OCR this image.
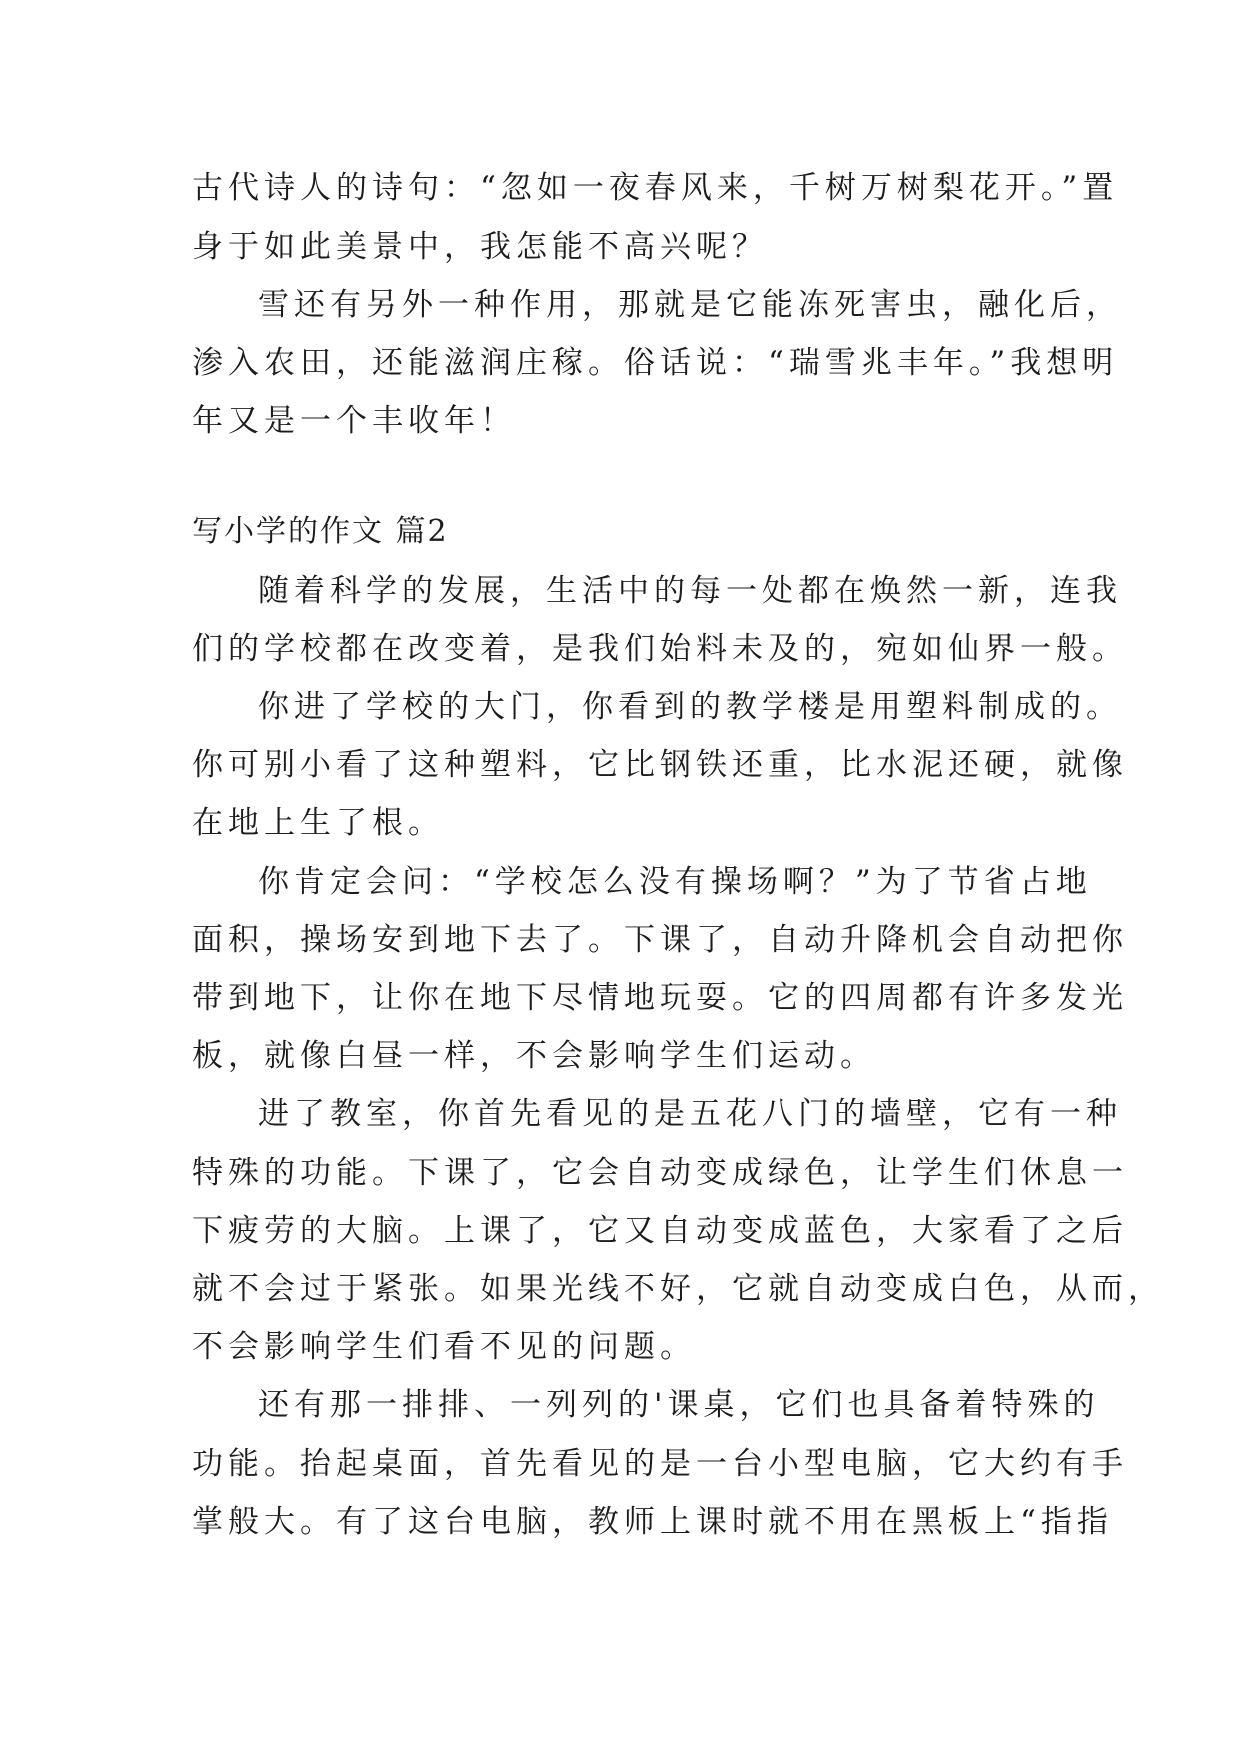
古代诗人的诗句：“忽如一夜春风来，千树万树梨花开。”置
身于如此美景中，我怎能不高兴呢？
雪还有另外一种作用，那就是它能冻死害虫，融化后，
渗入农田，还能滋润庄稼。俗话说：“瑞雪兆丰年。”我想明
年又是一个丰收年！
写小学的作文 篇2
随着科学的发展，生活中的每一处都在焕然一新，连我
们的学校都在改变着，是我们始料未及的，宛如仙界一般。
你进了学校的大门，你看到的教学楼是用塑料制成的。
你可别小看了这种塑料，它比钢铁还重，比水泥还硬，就像
在地上生了根。
你肯定会问：“学校怎么没有操场啊？”为了节省占地
面积，操场安到地下去了。下课了，自动升降机会自动把你
带到地下，让你在地下尽情地玩耍。它的四周都有许多发光
板，就像白昼一样，不会影响学生们运动。
进了教室，你首先看见的是五花八门的墙壁，它有一种
特殊的功能。下课了，它会自动变成绿色，让学生们休息一
下疲劳的大脑。上课了，它又自动变成蓝色，大家看了之后
就不会过于紧张。如果光线不好，它就自动变成白色，从而，
不会影响学生们看不见的问题。
还有那一排排、一列列的'课桌，它们也具备着特殊的
功能。抬起桌面，首先看见的是一台小型电脑，它大约有手
掌般大。有了这台电脑，教师上课时就不用在黑板上“指指
